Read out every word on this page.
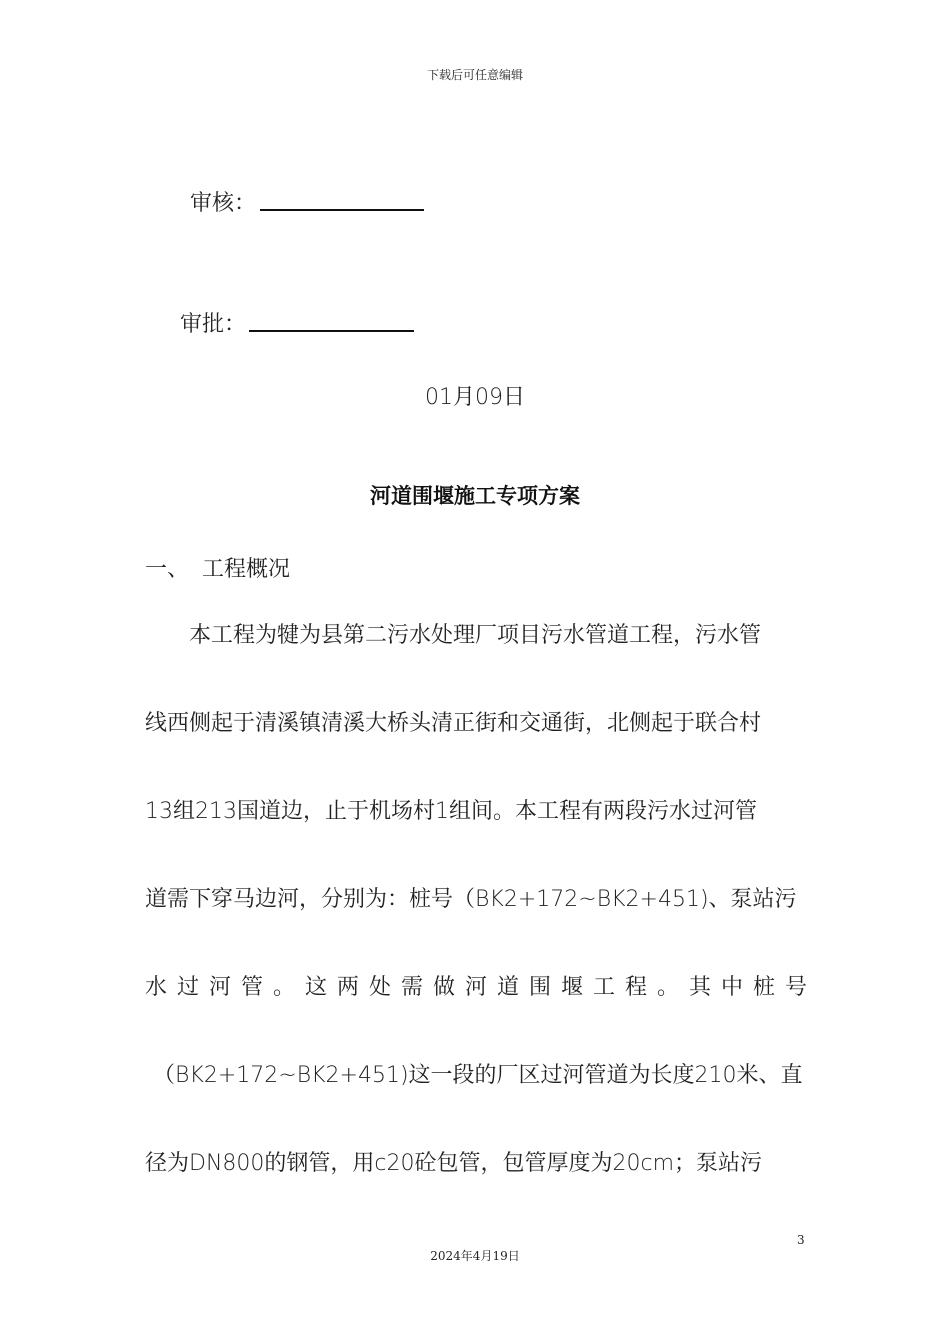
下载后可任意编辑
审核：
审批：
01月09日
河道围堰施工专项方案
一、 工程概况
本工程为犍为县第二污水处理厂项目污水管道工程，污水管
线西侧起于清溪镇清溪大桥头清正街和交通街，北侧起于联合村
13组213国道边，止于机场村1组间。本工程有两段污水过河管
道需下穿马边河，分别为：桩号（BK2+172~BK2+451)、泵站污
水过河管。这两处需做河道围堰工程。其中桩号
（BK2+172~BK2+451)这一段的厂区过河管道为长度210米、直
径为DN800的钢管，用c20砼包管，包管厚度为20cm；泵站污
3
2024年4月19日
